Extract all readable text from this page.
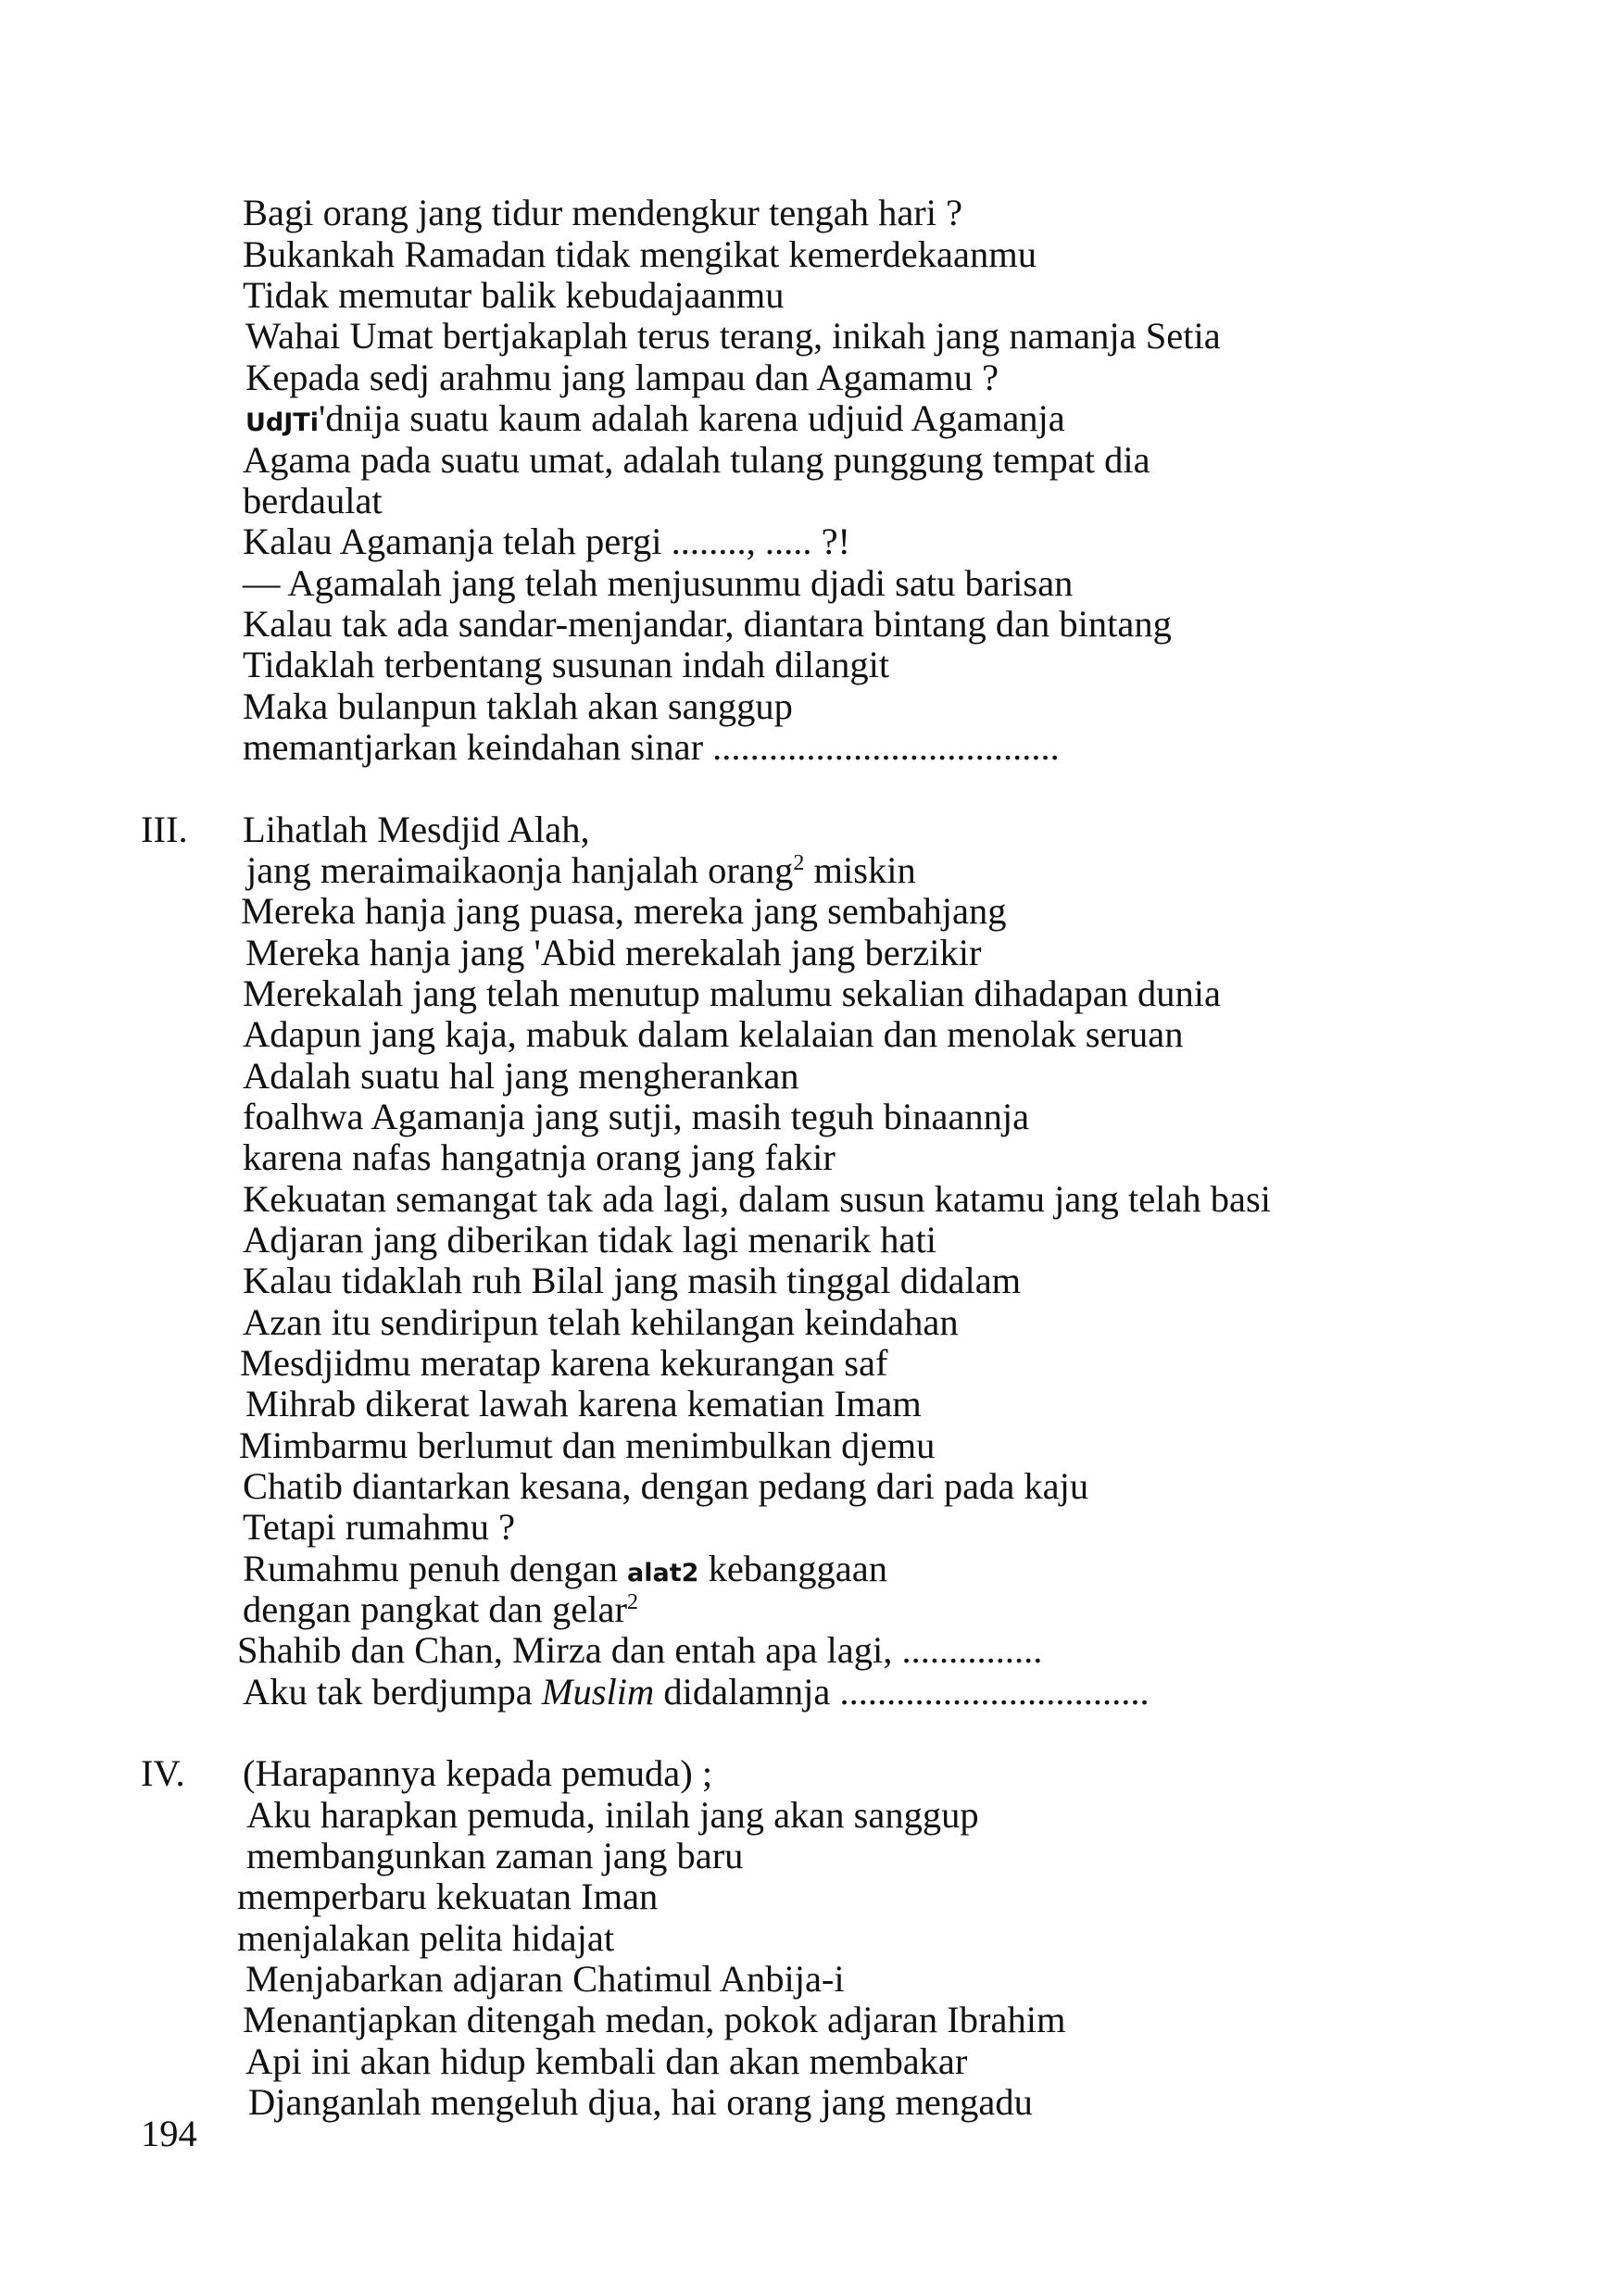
Bagi orang jang tidur mendengkur tengah hari ?
Bukankah Ramadan tidak mengikat kemerdekaanmu
Tidak memutar balik kebudajaanmu
Wahai Umat bertjakaplah terus terang, inikah jang namanja Setia
Kepada sedj arahmu jang lampau dan Agamamu ?
UdJTi'dnija suatu kaum adalah karena udjuid Agamanja
Agama pada suatu umat, adalah tulang punggung tempat dia
berdaulat
Kalau Agamanja telah pergi ........, ..... ?!
— Agamalah jang telah menjusunmu djadi satu barisan
Kalau tak ada sandar-menjandar, diantara bintang dan bintang
Tidaklah terbentang susunan indah dilangit
Maka bulanpun taklah akan sanggup
memantjarkan keindahan sinar .....................................
III. Lihatlah Mesdjid Alah,
jang meraimaikaonja hanjalah orang$^2$ miskin
Mereka hanja jang puasa, mereka jang sembahjang
Mereka hanja jang 'Abid merekalah jang berzikir
Merekalah jang telah menutup malumu sekalian dihadapan dunia
Adapun jang kaja, mabuk dalam kelalaian dan menolak seruan
Adalah suatu hal jang mengherankan
foalhwa Agamanja jang sutji, masih teguh binaannja
karena nafas hangatnja orang jang fakir
Kekuatan semangat tak ada lagi, dalam susun katamu jang telah basi
Adjaran jang diberikan tidak lagi menarik hati
Kalau tidaklah ruh Bilal jang masih tinggal didalam
Azan itu sendiripun telah kehilangan keindahan
Mesdjidmu meratap karena kekurangan saf
Mihrab dikerat lawah karena kematian Imam
Mimbarmu berlumut dan menimbulkan djemu
Chatib diantarkan kesana, dengan pedang dari pada kaju
Tetapi rumahmu ?
Rumahmu penuh dengan alat2 kebanggaan
dengan pangkat dan gelar$^2$
Shahib dan Chan, Mirza dan entah apa lagi, ...............
Aku tak berdjumpa Muslim didalamnja .................................
IV. (Harapannya kepada pemuda) ;
Aku harapkan pemuda, inilah jang akan sanggup
membangunkan zaman jang baru
memperbaru kekuatan Iman
menjalakan pelita hidajat
Menjabarkan adjaran Chatimul Anbija-i
Menantjapkan ditengah medan, pokok adjaran Ibrahim
Api ini akan hidup kembali dan akan membakar
Djanganlah mengeluh djua, hai orang jang mengadu
194
